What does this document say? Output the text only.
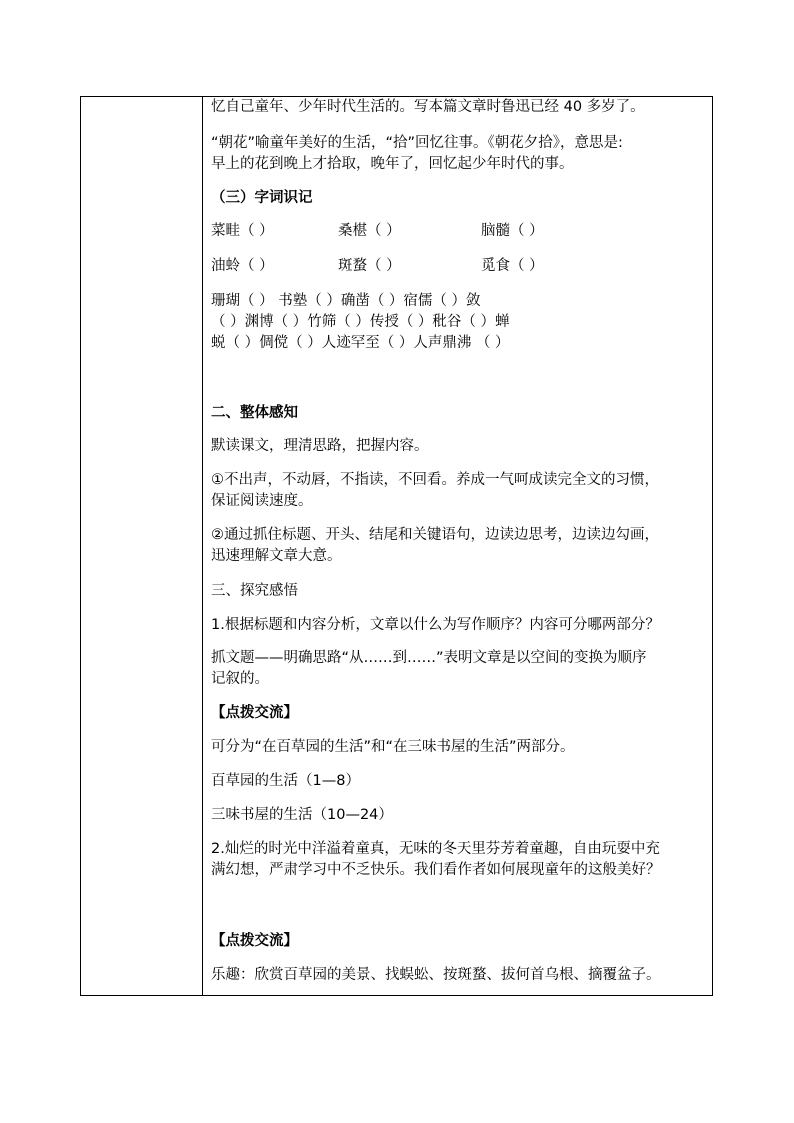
忆自己童年、少年时代生活的。写本篇文章时鲁迅已经 40 多岁了。
“朝花”喻童年美好的生活，“拾”回忆往事。《朝花夕拾》，意思是:
早上的花到晚上才拾取，晚年了，回忆起少年时代的事。
（三）字词识记
菜畦（ ）	桑椹（ ）	脑髓（ ）
油蛉（ ）	斑蝥（ ）	觅食（ ）
珊瑚（ ） 书塾（ ）确凿（ ）宿儒（ ）敛
（ ）渊博（ ）竹筛（ ）传授（ ）秕谷（ ）蝉
蜕（ ）倜傥（ ）人迹罕至（ ）人声鼎沸 （ ）
二、整体感知
默读课文，理清思路，把握内容。
①不出声，不动唇，不指读，不回看。养成一气呵成读完全文的习惯，
保证阅读速度。
②通过抓住标题、开头、结尾和关键语句，边读边思考，边读边勾画，
迅速理解文章大意。
三、探究感悟
1.根据标题和内容分析，文章以什么为写作顺序？内容可分哪两部分？
抓文题——明确思路“从……到……”表明文章是以空间的变换为顺序
记叙的。
【点拨交流】
可分为“在百草园的生活”和“在三味书屋的生活”两部分。
百草园的生活（1—8）
三味书屋的生活（10—24）
2.灿烂的时光中洋溢着童真，无味的冬天里芬芳着童趣，自由玩耍中充
满幻想，严肃学习中不乏快乐。我们看作者如何展现童年的这般美好？
【点拨交流】
乐趣：欣赏百草园的美景、找蜈蚣、按斑蝥、拔何首乌根、摘覆盆子。
